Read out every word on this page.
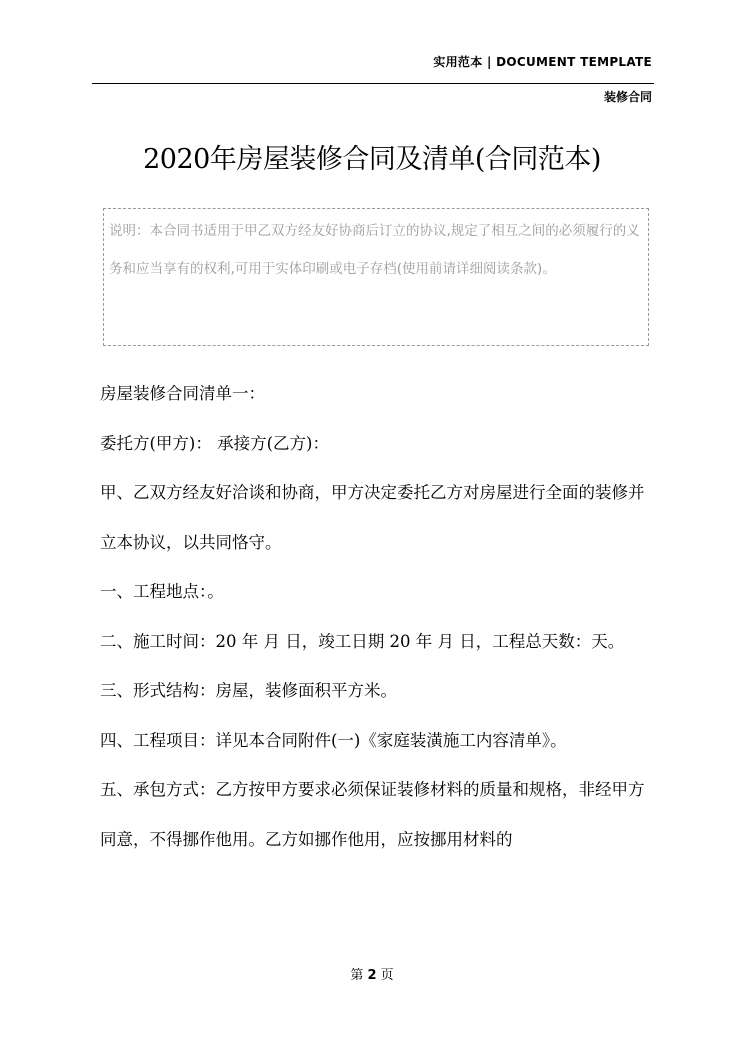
实用范本 | DOCUMENT TEMPLATE
装修合同
2020年房屋装修合同及清单(合同范本)
说明：本合同书适用于甲乙双方经友好协商后订立的协议,规定了相互之间的必须履行的义务和应当享有的权利,可用于实体印刷或电子存档(使用前请详细阅读条款)。

房屋装修合同清单一：

委托方(甲方)： 承接方(乙方)：

甲、乙双方经友好洽谈和协商，甲方决定委托乙方对房屋进行全面的装修并立本协议，以共同恪守。

一、工程地点：。

二、施工时间：20 年 月 日，竣工日期 20 年 月 日，工程总天数：天。

三、形式结构：房屋，装修面积平方米。

四、工程项目：详见本合同附件(一)《家庭装潢施工内容清单》。

五、承包方式：乙方按甲方要求必须保证装修材料的质量和规格，非经甲方同意，不得挪作他用。乙方如挪作他用，应按挪用材料的

第 2 页
